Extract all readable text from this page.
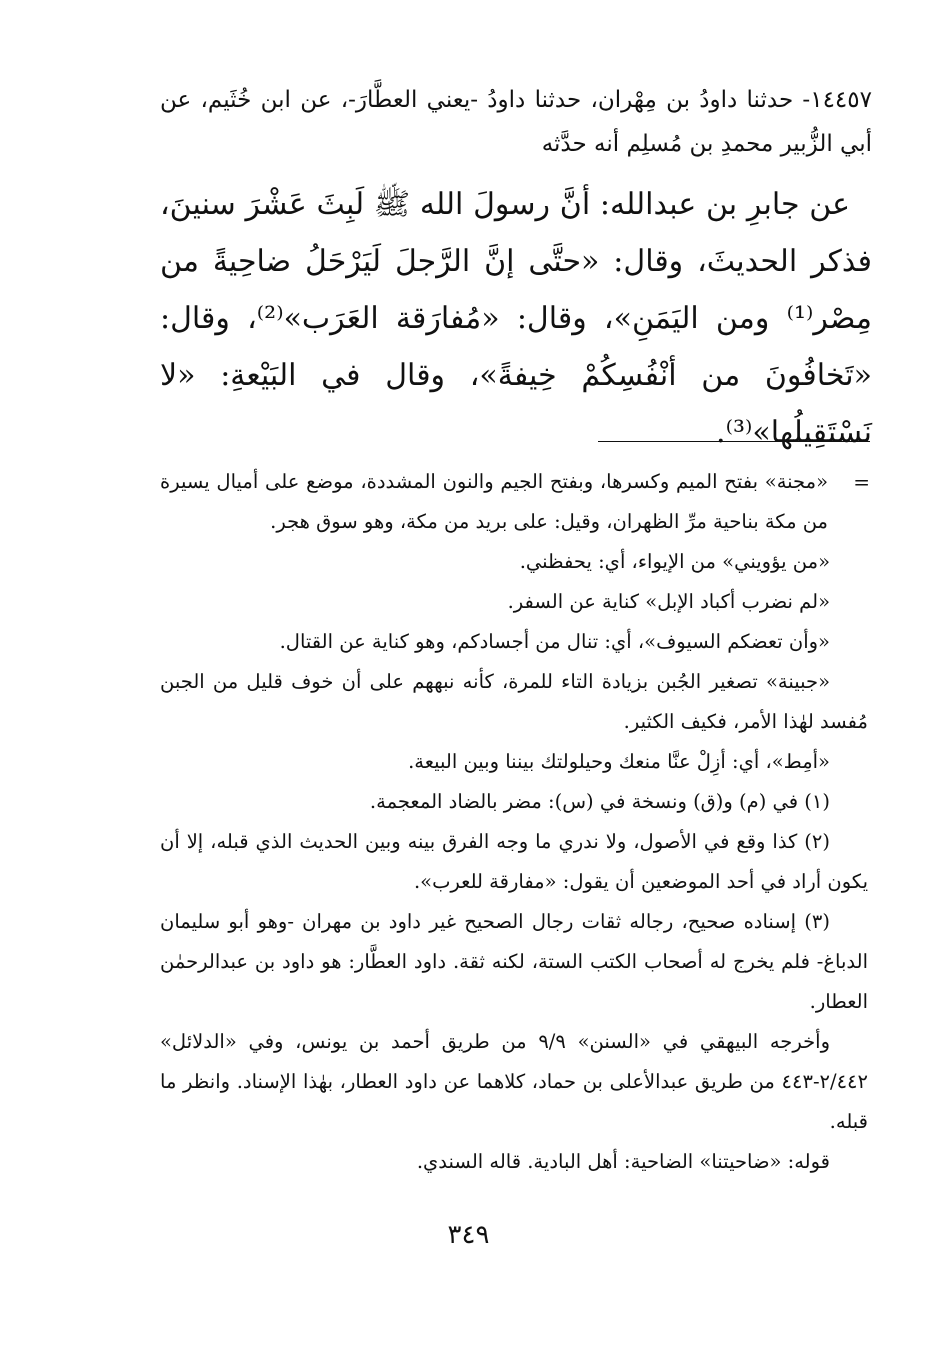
١٤٤٥٧- حدثنا داودُ بن مِهْران، حدثنا داودُ -يعني العطَّارَ-، عن ابن خُثَيم، عن أبي الزُّبير محمدِ بن مُسلِم أنه حدَّثه

عن جابرِ بن عبدالله: أنَّ رسولَ الله ﷺ لَبِثَ عَشْرَ سنينَ، فذكر الحديثَ، وقال: «حتَّى إنَّ الرَّجلَ لَيَرْحَلُ ضاحِيةً من مِصْر⁽¹⁾ ومن اليَمَنِ»، وقال: «مُفارَقة العَرَب»⁽²⁾، وقال: «تَخافُونَ من أنْفُسِكُمْ خِيفةً»، وقال في البَيْعةِ: «لا نَسْتَقِيلُها»⁽³⁾.

=
«مجنة» بفتح الميم وكسرها، وبفتح الجيم والنون المشددة، موضع على أميال يسيرة من مكة بناحية مرِّ الظهران، وقيل: على بريد من مكة، وهو سوق هجر.

«من يؤويني» من الإيواء، أي: يحفظني.

«لم نضرب أكباد الإبل» كناية عن السفر.

«وأن تعضكم السيوف»، أي: تنال من أجسادكم، وهو كناية عن القتال.

«جبينة» تصغير الجُبن بزيادة التاء للمرة، كأنه نبههم على أن خوف قليل من الجبن مُفسد لهٰذا الأمر، فكيف الكثير.

«أمِط»، أي: أزِلْ عنَّا منعك وحيلولتك بيننا وبين البيعة.

(١) في (م) و(ق) ونسخة في (س): مضر بالضاد المعجمة.

(٢) كذا وقع في الأصول، ولا ندري ما وجه الفرق بينه وبين الحديث الذي قبله، إلا أن يكون أراد في أحد الموضعين أن يقول: «مفارقة للعرب».

(٣) إسناده صحيح، رجاله ثقات رجال الصحيح غير داود بن مهران -وهو أبو سليمان الدباغ- فلم يخرج له أصحاب الكتب الستة، لكنه ثقة. داود العطَّار: هو داود بن عبدالرحمٰن العطار.

وأخرجه البيهقي في «السنن» ٩/٩ من طريق أحمد بن يونس، وفي «الدلائل» ٢/٤٤٢-٤٤٣ من طريق عبدالأعلى بن حماد، كلاهما عن داود العطار، بهٰذا الإسناد. وانظر ما قبله.

قوله: «ضاحيتنا» الضاحية: أهل البادية. قاله السندي.

٣٤٩
